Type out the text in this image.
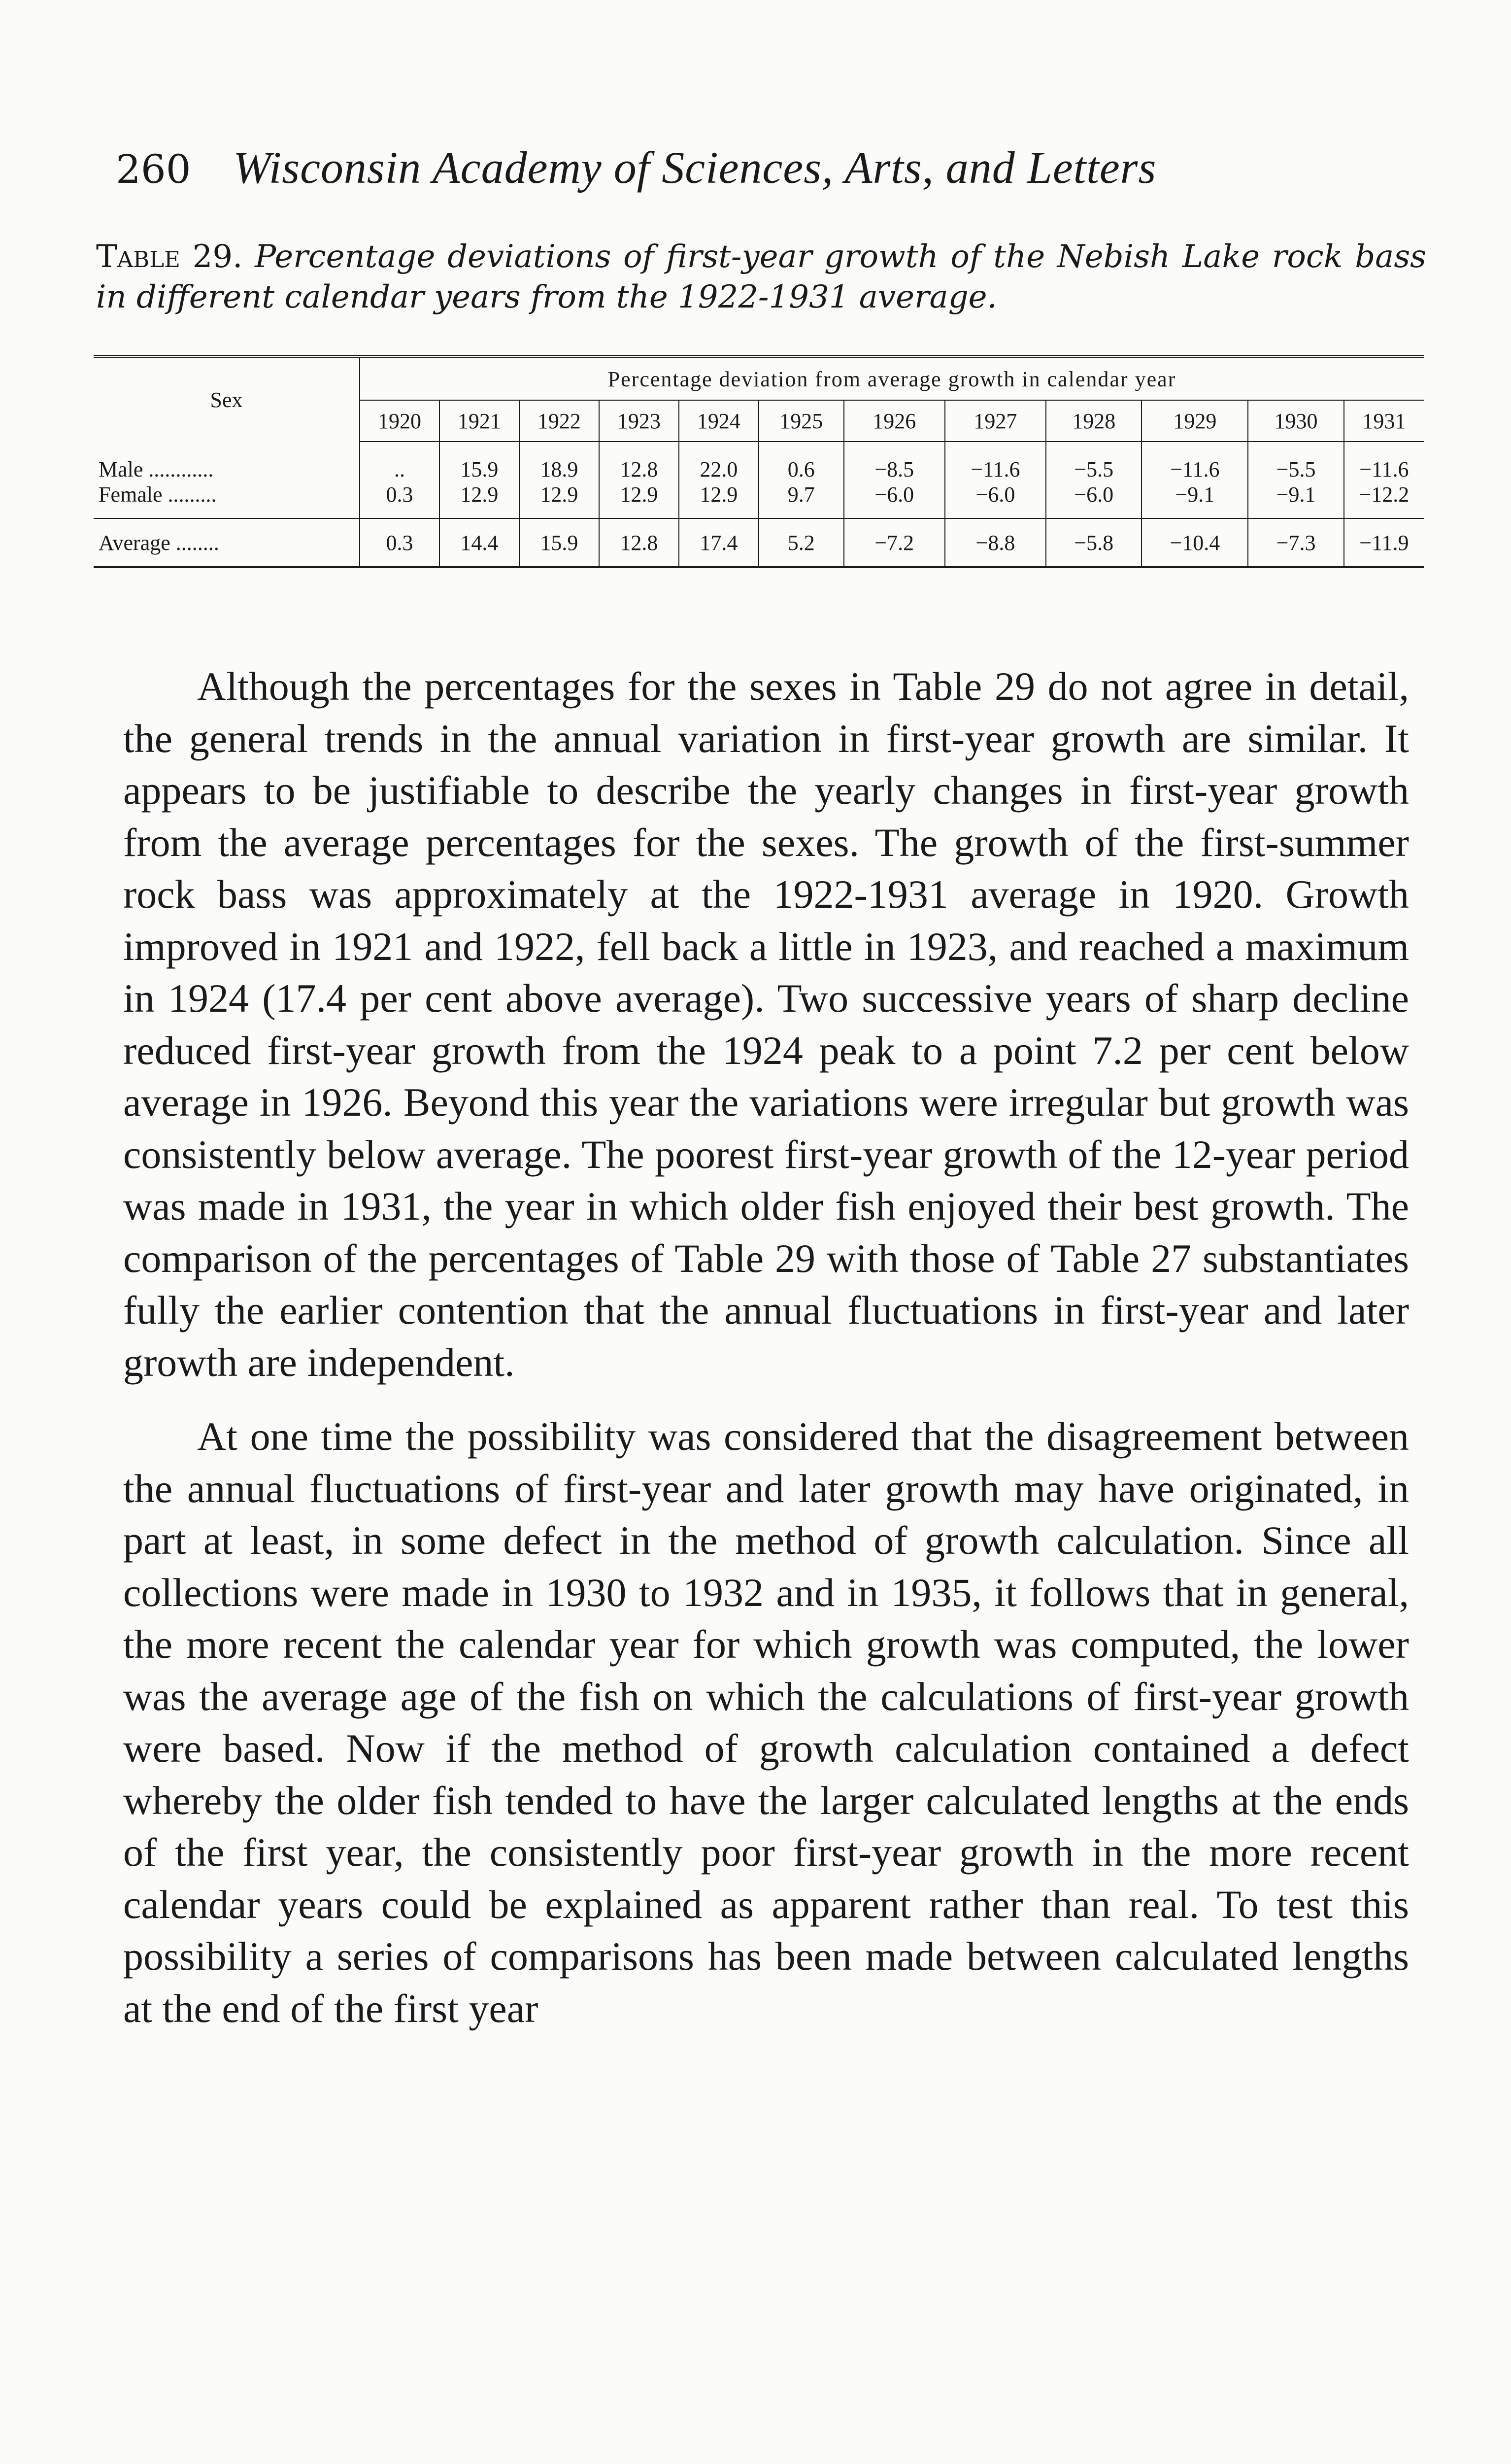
260 Wisconsin Academy of Sciences, Arts, and Letters
Table 29. Percentage deviations of first-year growth of the Nebish Lake rock bass in different calendar years from the 1922-1931 average.
Sex	Percentage deviation from average growth in calendar year											
	1920	1921	1922	1923	1924	1925	1926	1927	1928	1929	1930	1931
Male ............	..	15.9	18.9	12.8	22.0	0.6	−8.5	−11.6	−5.5	−11.6	−5.5	−11.6
Female .........	0.3	12.9	12.9	12.9	12.9	9.7	−6.0	−6.0	−6.0	−9.1	−9.1	−12.2
Average ........	0.3	14.4	15.9	12.8	17.4	5.2	−7.2	−8.8	−5.8	−10.4	−7.3	−11.9

Although the percentages for the sexes in Table 29 do not agree in detail, the general trends in the annual variation in first-year growth are similar. It appears to be justifiable to describe the yearly changes in first-year growth from the average percentages for the sexes. The growth of the first-summer rock bass was approximately at the 1922-1931 average in 1920. Growth improved in 1921 and 1922, fell back a little in 1923, and reached a maximum in 1924 (17.4 per cent above average). Two successive years of sharp decline reduced first-year growth from the 1924 peak to a point 7.2 per cent below average in 1926. Beyond this year the variations were irregular but growth was consistently below average. The poorest first-year growth of the 12-year period was made in 1931, the year in which older fish enjoyed their best growth. The comparison of the percentages of Table 29 with those of Table 27 substantiates fully the earlier contention that the annual fluctuations in first-year and later growth are independent.

At one time the possibility was considered that the disagreement between the annual fluctuations of first-year and later growth may have originated, in part at least, in some defect in the method of growth calculation. Since all collections were made in 1930 to 1932 and in 1935, it follows that in general, the more recent the calendar year for which growth was computed, the lower was the average age of the fish on which the calculations of first-year growth were based. Now if the method of growth calculation contained a defect whereby the older fish tended to have the larger calculated lengths at the ends of the first year, the consistently poor first-year growth in the more recent calendar years could be explained as apparent rather than real. To test this possibility a series of comparisons has been made between calculated lengths at the end of the first year
